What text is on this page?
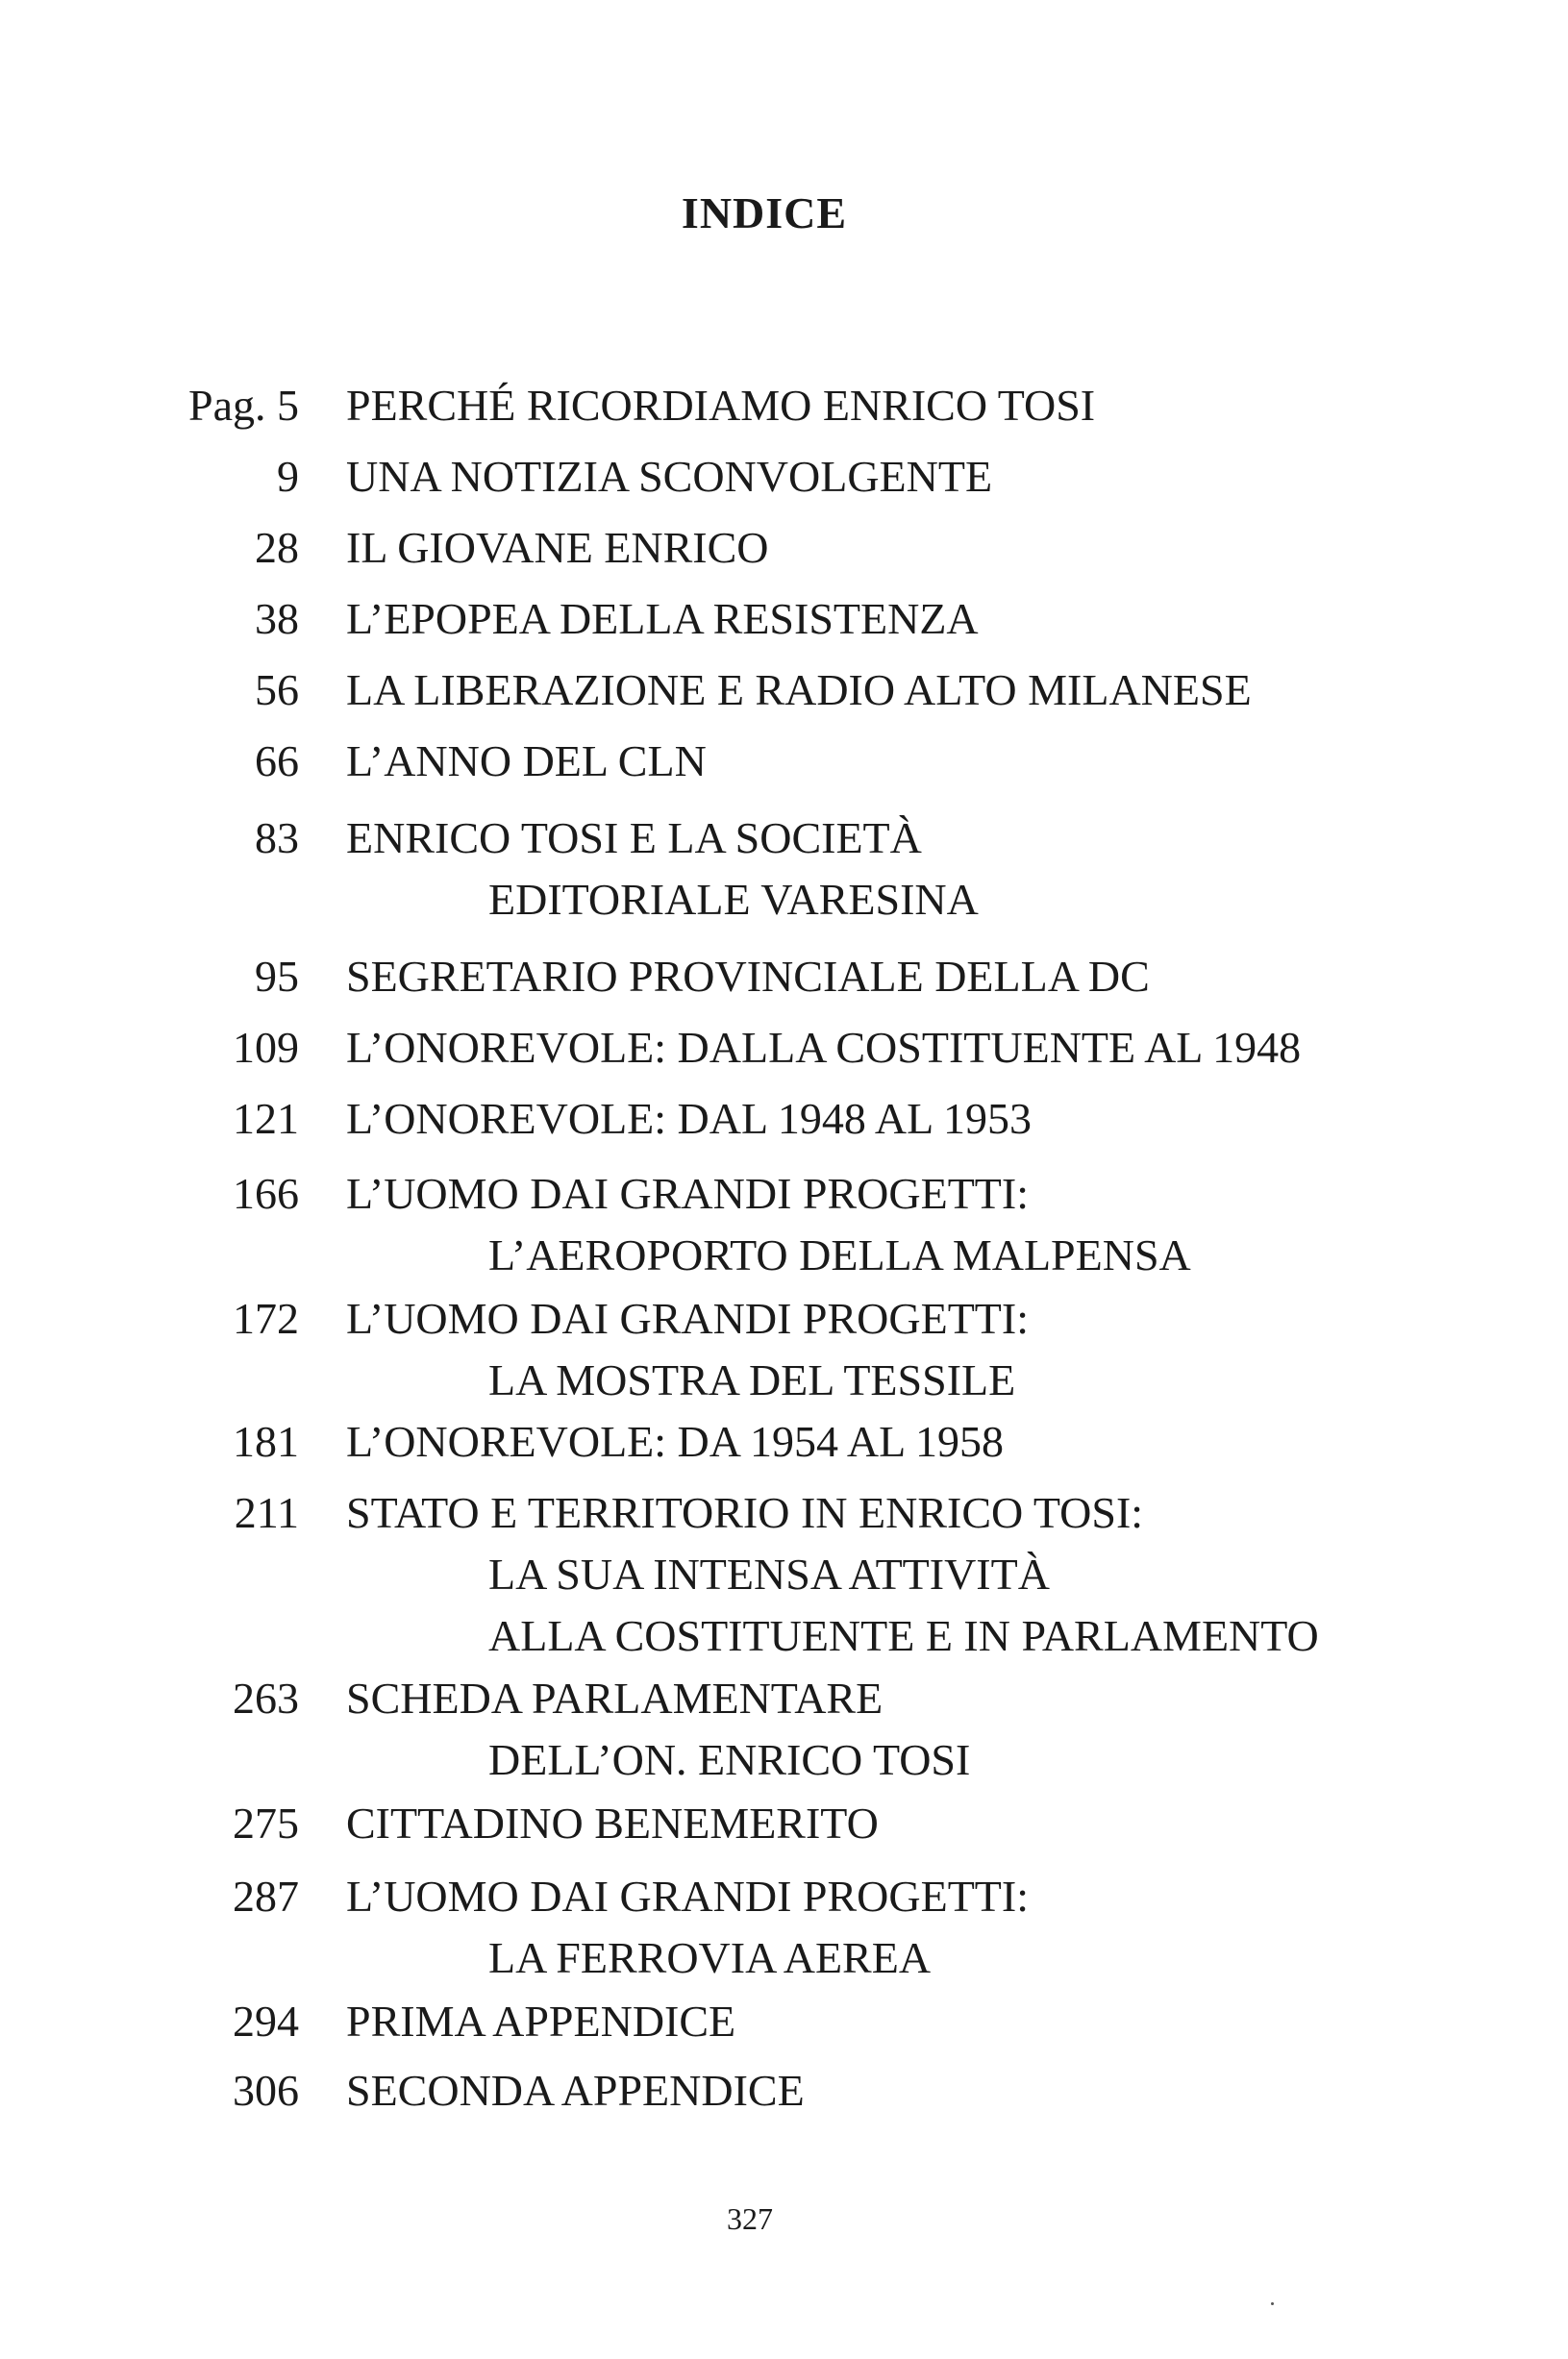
INDICE
Pag. 5 PERCHÉ RICORDIAMO ENRICO TOSI
9 UNA NOTIZIA SCONVOLGENTE
28 IL GIOVANE ENRICO
38 L’EPOPEA DELLA RESISTENZA
56 LA LIBERAZIONE E RADIO ALTO MILANESE
66 L’ANNO DEL CLN
83 ENRICO TOSI E LA SOCIETÀ
EDITORIALE VARESINA
95 SEGRETARIO PROVINCIALE DELLA DC
109 L’ONOREVOLE: DALLA COSTITUENTE AL 1948
121 L’ONOREVOLE: DAL 1948 AL 1953
166 L’UOMO DAI GRANDI PROGETTI:
L’AEROPORTO DELLA MALPENSA
172 L’UOMO DAI GRANDI PROGETTI:
LA MOSTRA DEL TESSILE
181 L’ONOREVOLE: DA 1954 AL 1958
211 STATO E TERRITORIO IN ENRICO TOSI:
LA SUA INTENSA ATTIVITÀ
ALLA COSTITUENTE E IN PARLAMENTO
263 SCHEDA PARLAMENTARE
DELL’ON. ENRICO TOSI
275 CITTADINO BENEMERITO
287 L’UOMO DAI GRANDI PROGETTI:
LA FERROVIA AEREA
294 PRIMA APPENDICE
306 SECONDA APPENDICE
327
